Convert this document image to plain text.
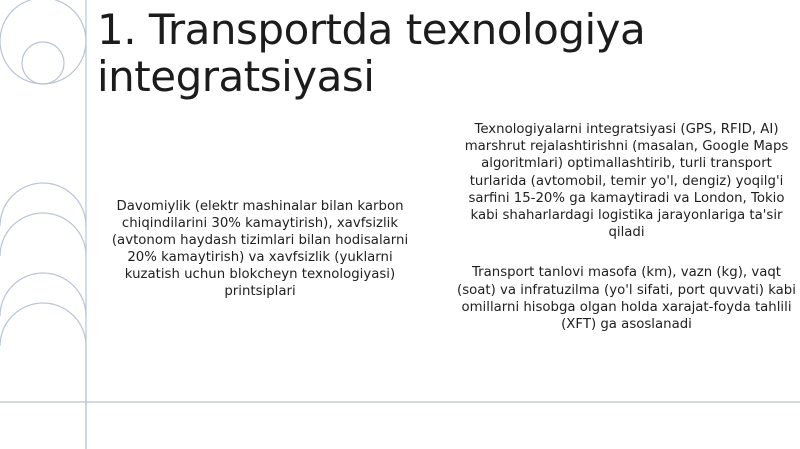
1. Transportda texnologiya integratsiyasi
Davomiylik (elektr mashinalar bilan karbon chiqindilarini 30% kamaytirish), xavfsizlik (avtonom haydash tizimlari bilan hodisalarni 20% kamaytirish) va xavfsizlik (yuklarni kuzatish uchun blokcheyn texnologiyasi) printsiplari

Texnologiyalarni integratsiyasi (GPS, RFID, AI) marshrut rejalashtirishni (masalan, Google Maps algoritmlari) optimallashtirib, turli transport turlarida (avtomobil, temir yo'l, dengiz) yoqilg'i sarfini 15-20% ga kamaytiradi va London, Tokio kabi shaharlardagi logistika jarayonlariga ta'sir qiladi

Transport tanlovi masofa (km), vazn (kg), vaqt (soat) va infratuzilma (yo'l sifati, port quvvati) kabi omillarni hisobga olgan holda xarajat-foyda tahlili (XFT) ga asoslanadi
